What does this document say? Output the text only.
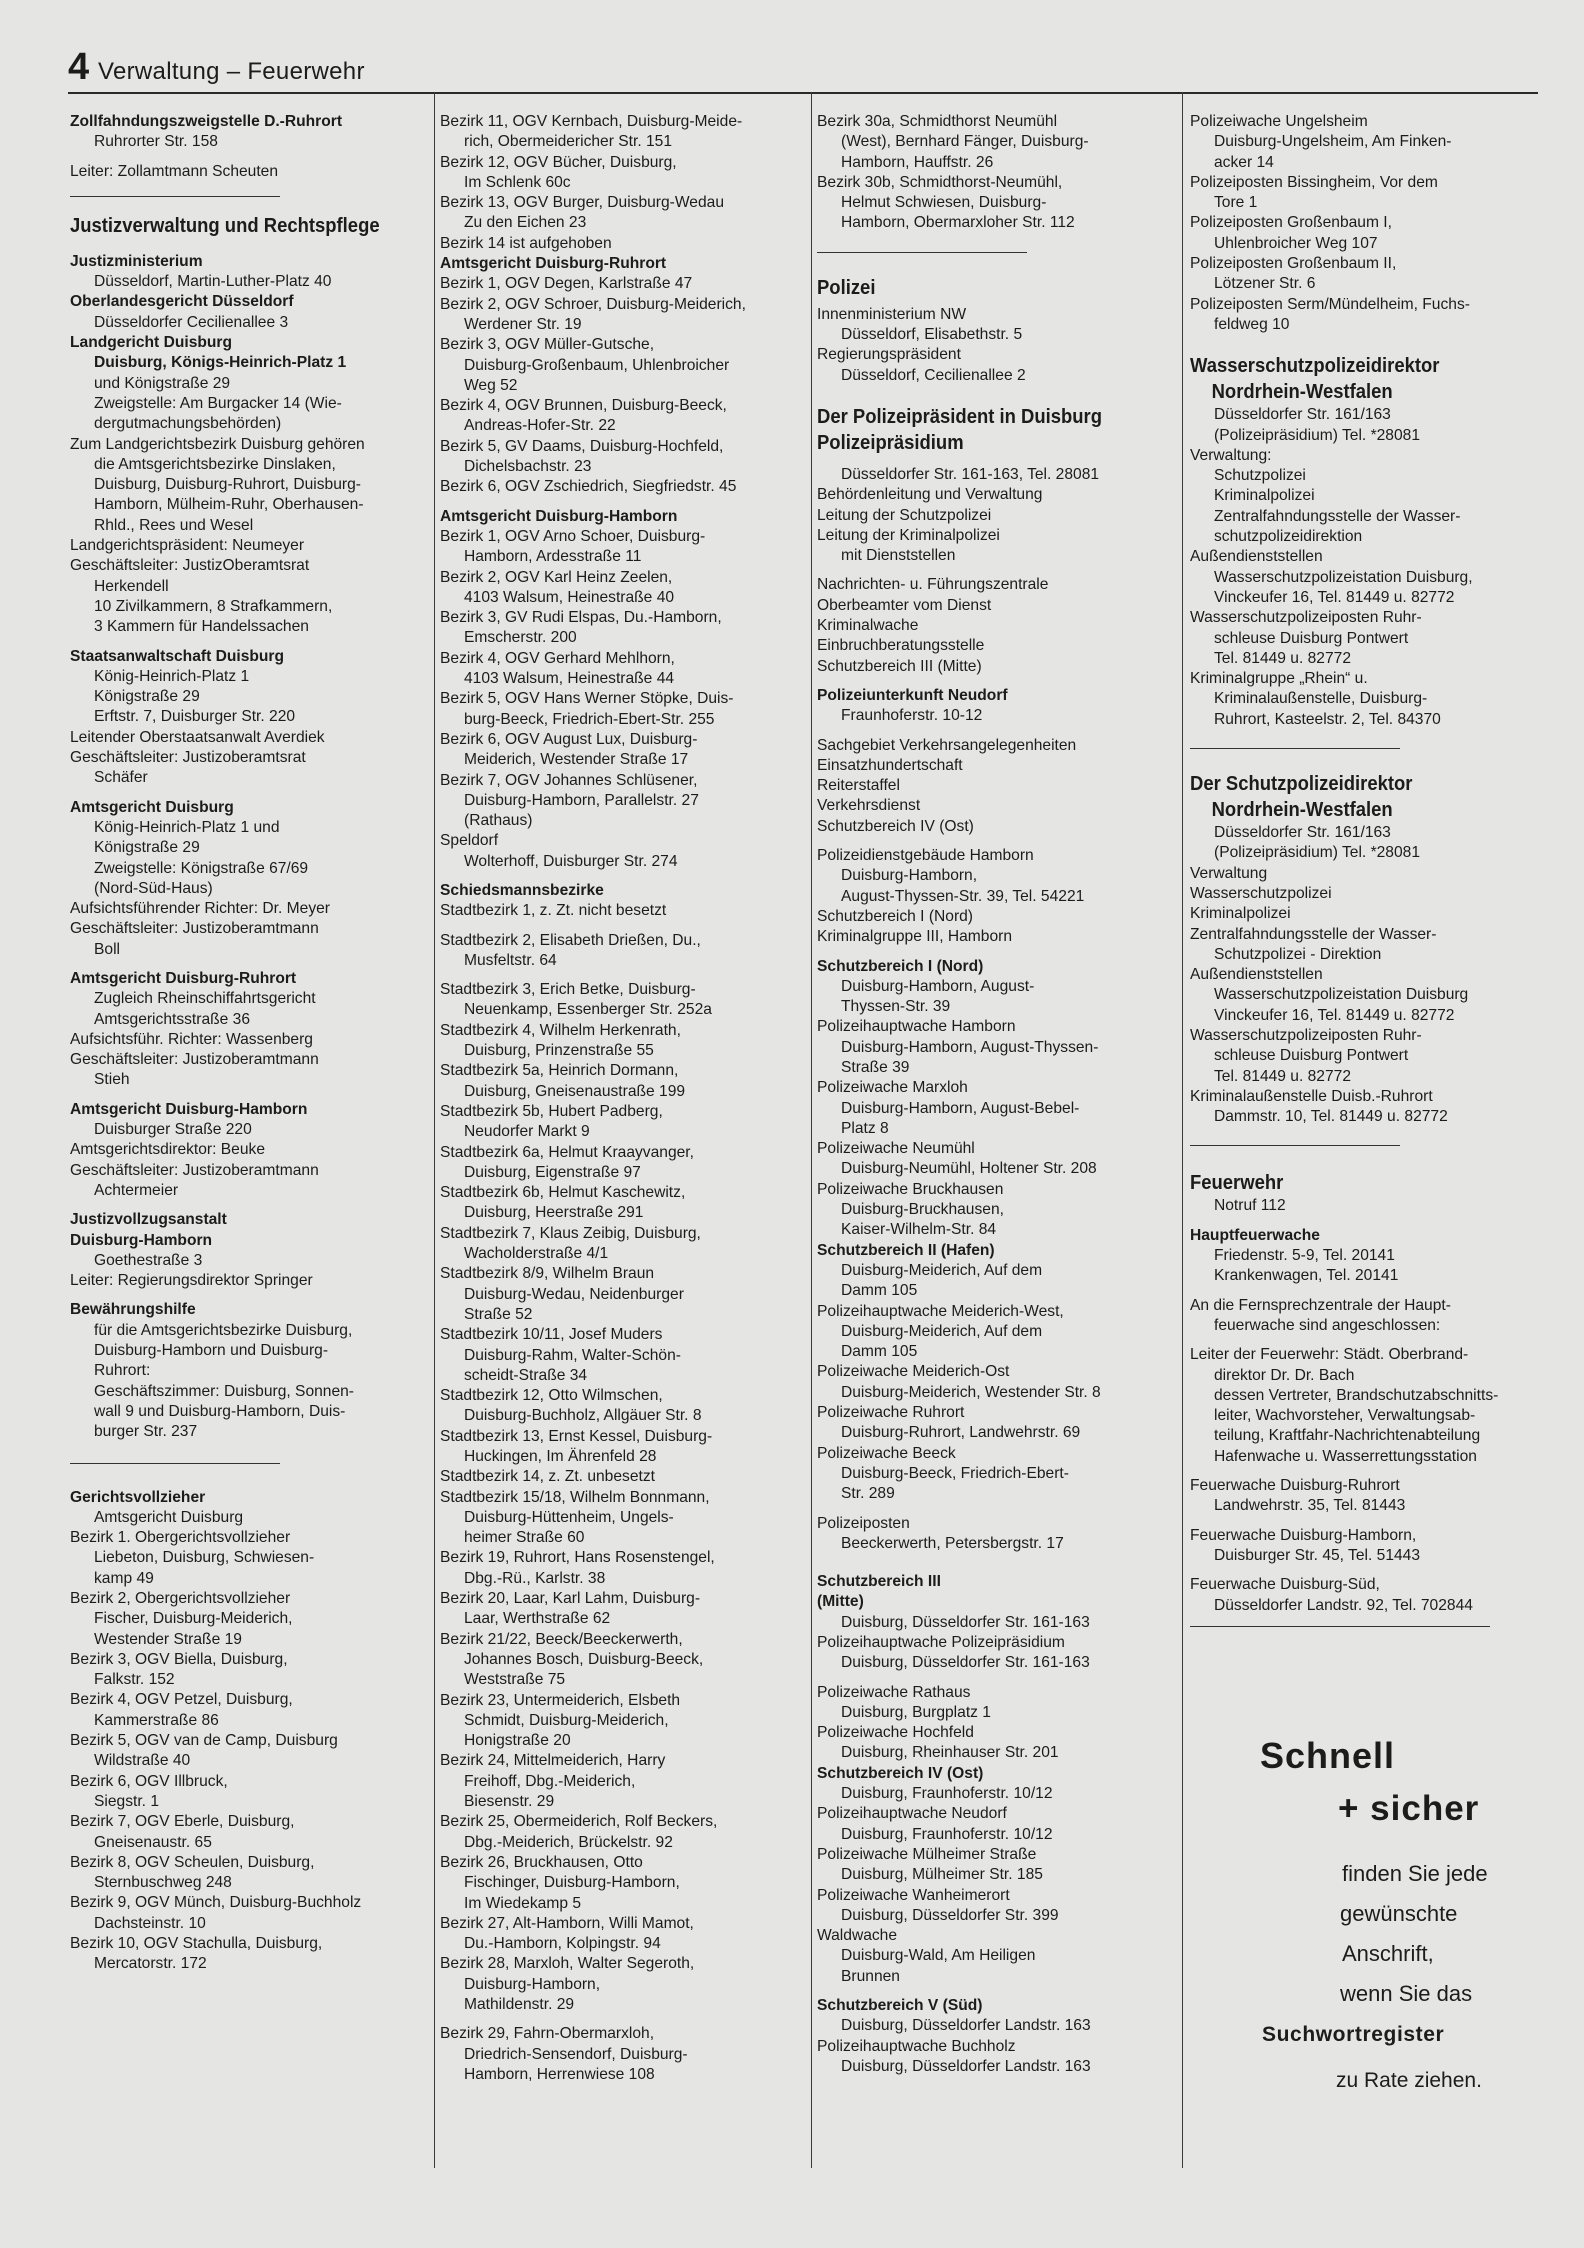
4 Verwaltung – Feuerwehr
Zollfahndungszweigstelle D.-Ruhrort
Ruhrorter Str. 158
Leiter: Zollamtmann Scheuten
Justizverwaltung und Rechtspflege
Justizministerium
Düsseldorf, Martin-Luther-Platz 40
Oberlandesgericht Düsseldorf
Düsseldorfer Cecilienallee 3
Landgericht Duisburg
Duisburg, Königs-Heinrich-Platz 1
und Königstraße 29
Zweigstelle: Am Burgacker 14 (Wie-
dergutmachungsbehörden)
Zum Landgerichtsbezirk Duisburg gehören
die Amtsgerichtsbezirke Dinslaken,
Duisburg, Duisburg-Ruhrort, Duisburg-
Hamborn, Mülheim-Ruhr, Oberhausen-
Rhld., Rees und Wesel
Landgerichtspräsident: Neumeyer
Geschäftsleiter: JustizOberamtsrat
Herkendell
10 Zivilkammern, 8 Strafkammern,
3 Kammern für Handelssachen
Staatsanwaltschaft Duisburg
König-Heinrich-Platz 1
Königstraße 29
Erftstr. 7, Duisburger Str. 220
Leitender Oberstaatsanwalt Averdiek
Geschäftsleiter: Justizoberamtsrat
Schäfer
Amtsgericht Duisburg
König-Heinrich-Platz 1 und
Königstraße 29
Zweigstelle: Königstraße 67/69
(Nord-Süd-Haus)
Aufsichtsführender Richter: Dr. Meyer
Geschäftsleiter: Justizoberamtmann
Boll
Amtsgericht Duisburg-Ruhrort
Zugleich Rheinschiffahrtsgericht
Amtsgerichtsstraße 36
Aufsichtsführ. Richter: Wassenberg
Geschäftsleiter: Justizoberamtmann
Stieh
Amtsgericht Duisburg-Hamborn
Duisburger Straße 220
Amtsgerichtsdirektor: Beuke
Geschäftsleiter: Justizoberamtmann
Achtermeier
Justizvollzugsanstalt
Duisburg-Hamborn
Goethestraße 3
Leiter: Regierungsdirektor Springer
Bewährungshilfe
für die Amtsgerichtsbezirke Duisburg,
Duisburg-Hamborn und Duisburg-
Ruhrort:
Geschäftszimmer: Duisburg, Sonnen-
wall 9 und Duisburg-Hamborn, Duis-
burger Str. 237
Gerichtsvollzieher
Amtsgericht Duisburg
Bezirk 1. Obergerichtsvollzieher
Liebeton, Duisburg, Schwiesen-
kamp 49
Bezirk 2, Obergerichtsvollzieher
Fischer, Duisburg-Meiderich,
Westender Straße 19
Bezirk 3, OGV Biella, Duisburg,
Falkstr. 152
Bezirk 4, OGV Petzel, Duisburg,
Kammerstraße 86
Bezirk 5, OGV van de Camp, Duisburg
Wildstraße 40
Bezirk 6, OGV Illbruck,
Siegstr. 1
Bezirk 7, OGV Eberle, Duisburg,
Gneisenaustr. 65
Bezirk 8, OGV Scheulen, Duisburg,
Sternbuschweg 248
Bezirk 9, OGV Münch, Duisburg-Buchholz
Dachsteinstr. 10
Bezirk 10, OGV Stachulla, Duisburg,
Mercatorstr. 172
Bezirk 11, OGV Kernbach, Duisburg-Meide-
rich, Obermeidericher Str. 151
Bezirk 12, OGV Bücher, Duisburg,
Im Schlenk 60c
Bezirk 13, OGV Burger, Duisburg-Wedau
Zu den Eichen 23
Bezirk 14 ist aufgehoben
Amtsgericht Duisburg-Ruhrort
Bezirk 1, OGV Degen, Karlstraße 47
Bezirk 2, OGV Schroer, Duisburg-Meiderich,
Werdener Str. 19
Bezirk 3, OGV Müller-Gutsche,
Duisburg-Großenbaum, Uhlenbroicher
Weg 52
Bezirk 4, OGV Brunnen, Duisburg-Beeck,
Andreas-Hofer-Str. 22
Bezirk 5, GV Daams, Duisburg-Hochfeld,
Dichelsbachstr. 23
Bezirk 6, OGV Zschiedrich, Siegfriedstr. 45
Amtsgericht Duisburg-Hamborn
Bezirk 1, OGV Arno Schoer, Duisburg-
Hamborn, Ardesstraße 11
Bezirk 2, OGV Karl Heinz Zeelen,
4103 Walsum, Heinestraße 40
Bezirk 3, GV Rudi Elspas, Du.-Hamborn,
Emscherstr. 200
Bezirk 4, OGV Gerhard Mehlhorn,
4103 Walsum, Heinestraße 44
Bezirk 5, OGV Hans Werner Stöpke, Duis-
burg-Beeck, Friedrich-Ebert-Str. 255
Bezirk 6, OGV August Lux, Duisburg-
Meiderich, Westender Straße 17
Bezirk 7, OGV Johannes Schlüsener,
Duisburg-Hamborn, Parallelstr. 27
(Rathaus)
Speldorf
Wolterhoff, Duisburger Str. 274
Schiedsmannsbezirke
Stadtbezirk 1, z. Zt. nicht besetzt
Stadtbezirk 2, Elisabeth Drießen, Du.,
Musfeltstr. 64
Stadtbezirk 3, Erich Betke, Duisburg-
Neuenkamp, Essenberger Str. 252a
Stadtbezirk 4, Wilhelm Herkenrath,
Duisburg, Prinzenstraße 55
Stadtbezirk 5a, Heinrich Dormann,
Duisburg, Gneisenaustraße 199
Stadtbezirk 5b, Hubert Padberg,
Neudorfer Markt 9
Stadtbezirk 6a, Helmut Kraayvanger,
Duisburg, Eigenstraße 97
Stadtbezirk 6b, Helmut Kaschewitz,
Duisburg, Heerstraße 291
Stadtbezirk 7, Klaus Zeibig, Duisburg,
Wacholderstraße 4/1
Stadtbezirk 8/9, Wilhelm Braun
Duisburg-Wedau, Neidenburger
Straße 52
Stadtbezirk 10/11, Josef Muders
Duisburg-Rahm, Walter-Schön-
scheidt-Straße 34
Stadtbezirk 12, Otto Wilmschen,
Duisburg-Buchholz, Allgäuer Str. 8
Stadtbezirk 13, Ernst Kessel, Duisburg-
Huckingen, Im Ährenfeld 28
Stadtbezirk 14, z. Zt. unbesetzt
Stadtbezirk 15/18, Wilhelm Bonnmann,
Duisburg-Hüttenheim, Ungels-
heimer Straße 60
Bezirk 19, Ruhrort, Hans Rosenstengel,
Dbg.-Rü., Karlstr. 38
Bezirk 20, Laar, Karl Lahm, Duisburg-
Laar, Werthstraße 62
Bezirk 21/22, Beeck/Beeckerwerth,
Johannes Bosch, Duisburg-Beeck,
Weststraße 75
Bezirk 23, Untermeiderich, Elsbeth
Schmidt, Duisburg-Meiderich,
Honigstraße 20
Bezirk 24, Mittelmeiderich, Harry
Freihoff, Dbg.-Meiderich,
Biesenstr. 29
Bezirk 25, Obermeiderich, Rolf Beckers,
Dbg.-Meiderich, Brückelstr. 92
Bezirk 26, Bruckhausen, Otto
Fischinger, Duisburg-Hamborn,
Im Wiedekamp 5
Bezirk 27, Alt-Hamborn, Willi Mamot,
Du.-Hamborn, Kolpingstr. 94
Bezirk 28, Marxloh, Walter Segeroth,
Duisburg-Hamborn,
Mathildenstr. 29
Bezirk 29, Fahrn-Obermarxloh,
Driedrich-Sensendorf, Duisburg-
Hamborn, Herrenwiese 108
Bezirk 30a, Schmidthorst Neumühl
(West), Bernhard Fänger, Duisburg-
Hamborn, Hauffstr. 26
Bezirk 30b, Schmidthorst-Neumühl,
Helmut Schwiesen, Duisburg-
Hamborn, Obermarxloher Str. 112
Polizei
Innenministerium NW
Düsseldorf, Elisabethstr. 5
Regierungspräsident
Düsseldorf, Cecilienallee 2
Der Polizeipräsident in Duisburg
Polizeipräsidium
Düsseldorfer Str. 161-163, Tel. 28081
Behördenleitung und Verwaltung
Leitung der Schutzpolizei
Leitung der Kriminalpolizei
mit Dienststellen
Nachrichten- u. Führungszentrale
Oberbeamter vom Dienst
Kriminalwache
Einbruchberatungsstelle
Schutzbereich III (Mitte)
Polizeiunterkunft Neudorf
Fraunhoferstr. 10-12
Sachgebiet Verkehrsangelegenheiten
Einsatzhundertschaft
Reiterstaffel
Verkehrsdienst
Schutzbereich IV (Ost)
Polizeidienstgebäude Hamborn
Duisburg-Hamborn,
August-Thyssen-Str. 39, Tel. 54221
Schutzbereich I (Nord)
Kriminalgruppe III, Hamborn
Schutzbereich I (Nord)
Duisburg-Hamborn, August-
Thyssen-Str. 39
Polizeihauptwache Hamborn
Duisburg-Hamborn, August-Thyssen-
Straße 39
Polizeiwache Marxloh
Duisburg-Hamborn, August-Bebel-
Platz 8
Polizeiwache Neumühl
Duisburg-Neumühl, Holtener Str. 208
Polizeiwache Bruckhausen
Duisburg-Bruckhausen,
Kaiser-Wilhelm-Str. 84
Schutzbereich II (Hafen)
Duisburg-Meiderich, Auf dem
Damm 105
Polizeihauptwache Meiderich-West,
Duisburg-Meiderich, Auf dem
Damm 105
Polizeiwache Meiderich-Ost
Duisburg-Meiderich, Westender Str. 8
Polizeiwache Ruhrort
Duisburg-Ruhrort, Landwehrstr. 69
Polizeiwache Beeck
Duisburg-Beeck, Friedrich-Ebert-
Str. 289
Polizeiposten
Beeckerwerth, Petersbergstr. 17
Schutzbereich III
(Mitte)
Duisburg, Düsseldorfer Str. 161-163
Polizeihauptwache Polizeipräsidium
Duisburg, Düsseldorfer Str. 161-163
Polizeiwache Rathaus
Duisburg, Burgplatz 1
Polizeiwache Hochfeld
Duisburg, Rheinhauser Str. 201
Schutzbereich IV (Ost)
Duisburg, Fraunhoferstr. 10/12
Polizeihauptwache Neudorf
Duisburg, Fraunhoferstr. 10/12
Polizeiwache Mülheimer Straße
Duisburg, Mülheimer Str. 185
Polizeiwache Wanheimerort
Duisburg, Düsseldorfer Str. 399
Waldwache
Duisburg-Wald, Am Heiligen
Brunnen
Schutzbereich V (Süd)
Duisburg, Düsseldorfer Landstr. 163
Polizeihauptwache Buchholz
Duisburg, Düsseldorfer Landstr. 163
Polizeiwache Ungelsheim
Duisburg-Ungelsheim, Am Finken-
acker 14
Polizeiposten Bissingheim, Vor dem
Tore 1
Polizeiposten Großenbaum I,
Uhlenbroicher Weg 107
Polizeiposten Großenbaum II,
Lötzener Str. 6
Polizeiposten Serm/Mündelheim, Fuchs-
feldweg 10
Wasserschutzpolizeidirektor
Nordrhein-Westfalen
Düsseldorfer Str. 161/163
(Polizeipräsidium) Tel. *28081
Verwaltung:
Schutzpolizei
Kriminalpolizei
Zentralfahndungsstelle der Wasser-
schutzpolizeidirektion
Außendienststellen
Wasserschutzpolizeistation Duisburg,
Vinckeufer 16, Tel. 81449 u. 82772
Wasserschutzpolizeiposten Ruhr-
schleuse Duisburg Pontwert
Tel. 81449 u. 82772
Kriminalgruppe „Rhein“ u.
Kriminalaußenstelle, Duisburg-
Ruhrort, Kasteelstr. 2, Tel. 84370
Der Schutzpolizeidirektor
Nordrhein-Westfalen
Düsseldorfer Str. 161/163
(Polizeipräsidium) Tel. *28081
Verwaltung
Wasserschutzpolizei
Kriminalpolizei
Zentralfahndungsstelle der Wasser-
Schutzpolizei - Direktion
Außendienststellen
Wasserschutzpolizeistation Duisburg
Vinckeufer 16, Tel. 81449 u. 82772
Wasserschutzpolizeiposten Ruhr-
schleuse Duisburg Pontwert
Tel. 81449 u. 82772
Kriminalaußenstelle Duisb.-Ruhrort
Dammstr. 10, Tel. 81449 u. 82772
Feuerwehr
Notruf 112
Hauptfeuerwache
Friedenstr. 5-9, Tel. 20141
Krankenwagen, Tel. 20141
An die Fernsprechzentrale der Haupt-
feuerwache sind angeschlossen:
Leiter der Feuerwehr: Städt. Oberbrand-
direktor Dr. Dr. Bach
dessen Vertreter, Brandschutzabschnitts-
leiter, Wachvorsteher, Verwaltungsab-
teilung, Kraftfahr-Nachrichtenabteilung
Hafenwache u. Wasserrettungsstation
Feuerwache Duisburg-Ruhrort
Landwehrstr. 35, Tel. 81443
Feuerwache Duisburg-Hamborn,
Duisburger Str. 45, Tel. 51443
Feuerwache Duisburg-Süd,
Düsseldorfer Landstr. 92, Tel. 702844
Schnell
+ sicher
finden Sie jede
gewünschte
Anschrift,
wenn Sie das
Suchwortregister
zu Rate ziehen.
